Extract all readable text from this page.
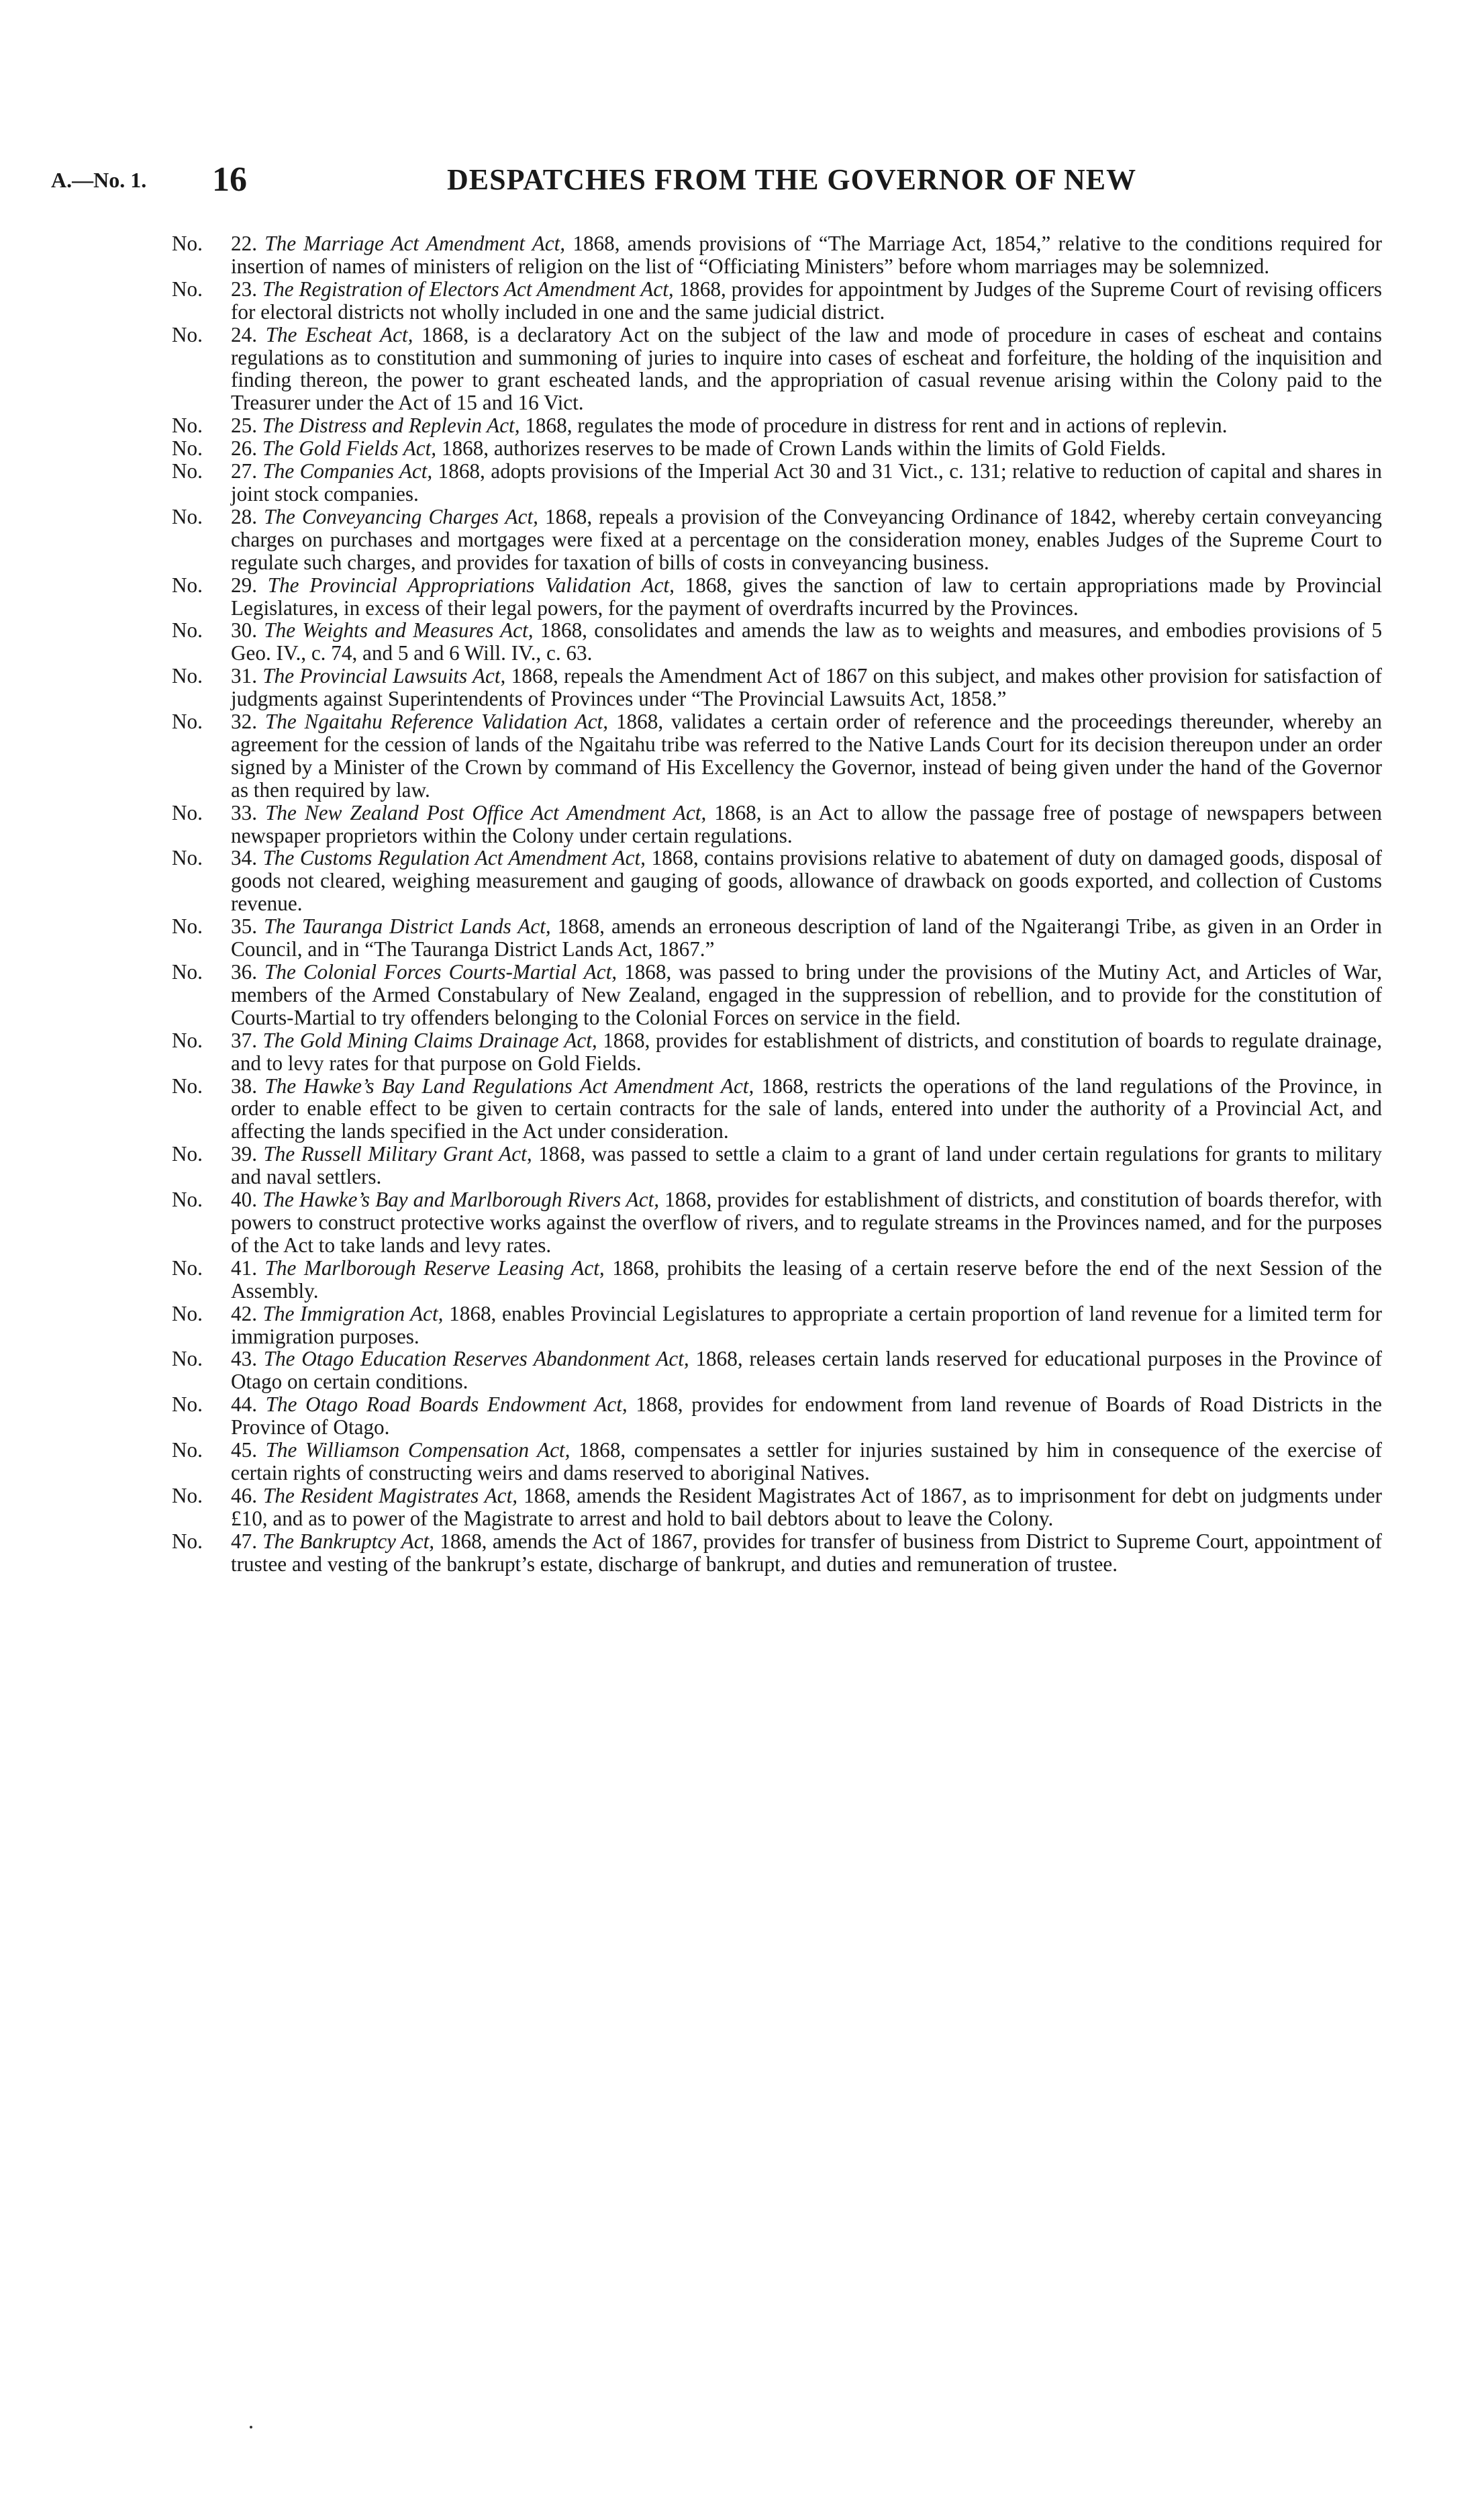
A.—No. 1. 16	DESPATCHES FROM THE GOVERNOR OF NEW
No. 22. The Marriage Act Amendment Act, 1868, amends provisions of “The Marriage Act, 1854,” relative to the conditions required for insertion of names of ministers of religion on the list of “Officiating Ministers” before whom marriages may be solemnized.
No. 23. The Registration of Electors Act Amendment Act, 1868, provides for appointment by Judges of the Supreme Court of revising officers for electoral districts not wholly included in one and the same judicial district.
No. 24. The Escheat Act, 1868, is a declaratory Act on the subject of the law and mode of procedure in cases of escheat and contains regulations as to constitution and summoning of juries to inquire into cases of escheat and forfeiture, the holding of the inquisition and finding thereon, the power to grant escheated lands, and the appropriation of casual revenue arising within the Colony paid to the Treasurer under the Act of 15 and 16 Vict.
No. 25. The Distress and Replevin Act, 1868, regulates the mode of procedure in distress for rent and in actions of replevin.
No. 26. The Gold Fields Act, 1868, authorizes reserves to be made of Crown Lands within the limits of Gold Fields.
No. 27. The Companies Act, 1868, adopts provisions of the Imperial Act 30 and 31 Vict., c. 131; relative to reduction of capital and shares in joint stock companies.
No. 28. The Conveyancing Charges Act, 1868, repeals a provision of the Conveyancing Ordinance of 1842, whereby certain conveyancing charges on purchases and mortgages were fixed at a percentage on the consideration money, enables Judges of the Supreme Court to regulate such charges, and provides for taxation of bills of costs in conveyancing business.
No. 29. The Provincial Appropriations Validation Act, 1868, gives the sanction of law to certain appropriations made by Provincial Legislatures, in excess of their legal powers, for the payment of overdrafts incurred by the Provinces.
No. 30. The Weights and Measures Act, 1868, consolidates and amends the law as to weights and measures, and embodies provisions of 5 Geo. IV., c. 74, and 5 and 6 Will. IV., c. 63.
No. 31. The Provincial Lawsuits Act, 1868, repeals the Amendment Act of 1867 on this subject, and makes other provision for satisfaction of judgments against Superintendents of Provinces under “The Provincial Lawsuits Act, 1858.”
No. 32. The Ngaitahu Reference Validation Act, 1868, validates a certain order of reference and the proceedings thereunder, whereby an agreement for the cession of lands of the Ngaitahu tribe was referred to the Native Lands Court for its decision thereupon under an order signed by a Minister of the Crown by command of His Excellency the Governor, instead of being given under the hand of the Governor as then required by law.
No. 33. The New Zealand Post Office Act Amendment Act, 1868, is an Act to allow the passage free of postage of newspapers between newspaper proprietors within the Colony under certain regulations.
No. 34. The Customs Regulation Act Amendment Act, 1868, contains provisions relative to abatement of duty on damaged goods, disposal of goods not cleared, weighing measurement and gauging of goods, allowance of drawback on goods exported, and collection of Customs revenue.
No. 35. The Tauranga District Lands Act, 1868, amends an erroneous description of land of the Ngaiterangi Tribe, as given in an Order in Council, and in “The Tauranga District Lands Act, 1867.”
No. 36. The Colonial Forces Courts-Martial Act, 1868, was passed to bring under the provisions of the Mutiny Act, and Articles of War, members of the Armed Constabulary of New Zealand, engaged in the suppression of rebellion, and to provide for the constitution of Courts-Martial to try offenders belonging to the Colonial Forces on service in the field.
No. 37. The Gold Mining Claims Drainage Act, 1868, provides for establishment of districts, and constitution of boards to regulate drainage, and to levy rates for that purpose on Gold Fields.
No. 38. The Hawke’s Bay Land Regulations Act Amendment Act, 1868, restricts the operations of the land regulations of the Province, in order to enable effect to be given to certain contracts for the sale of lands, entered into under the authority of a Provincial Act, and affecting the lands specified in the Act under consideration.
No. 39. The Russell Military Grant Act, 1868, was passed to settle a claim to a grant of land under certain regulations for grants to military and naval settlers.
No. 40. The Hawke’s Bay and Marlborough Rivers Act, 1868, provides for establishment of districts, and constitution of boards therefor, with powers to construct protective works against the overflow of rivers, and to regulate streams in the Provinces named, and for the purposes of the Act to take lands and levy rates.
No. 41. The Marlborough Reserve Leasing Act, 1868, prohibits the leasing of a certain reserve before the end of the next Session of the Assembly.
No. 42. The Immigration Act, 1868, enables Provincial Legislatures to appropriate a certain proportion of land revenue for a limited term for immigration purposes.
No. 43. The Otago Education Reserves Abandonment Act, 1868, releases certain lands reserved for educational purposes in the Province of Otago on certain conditions.
No. 44. The Otago Road Boards Endowment Act, 1868, provides for endowment from land revenue of Boards of Road Districts in the Province of Otago.
No. 45. The Williamson Compensation Act, 1868, compensates a settler for injuries sustained by him in consequence of the exercise of certain rights of constructing weirs and dams reserved to aboriginal Natives.
No. 46. The Resident Magistrates Act, 1868, amends the Resident Magistrates Act of 1867, as to imprisonment for debt on judgments under £10, and as to power of the Magistrate to arrest and hold to bail debtors about to leave the Colony.
No. 47. The Bankruptcy Act, 1868, amends the Act of 1867, provides for transfer of business from District to Supreme Court, appointment of trustee and vesting of the bankrupt’s estate, discharge of bankrupt, and duties and remuneration of trustee.
